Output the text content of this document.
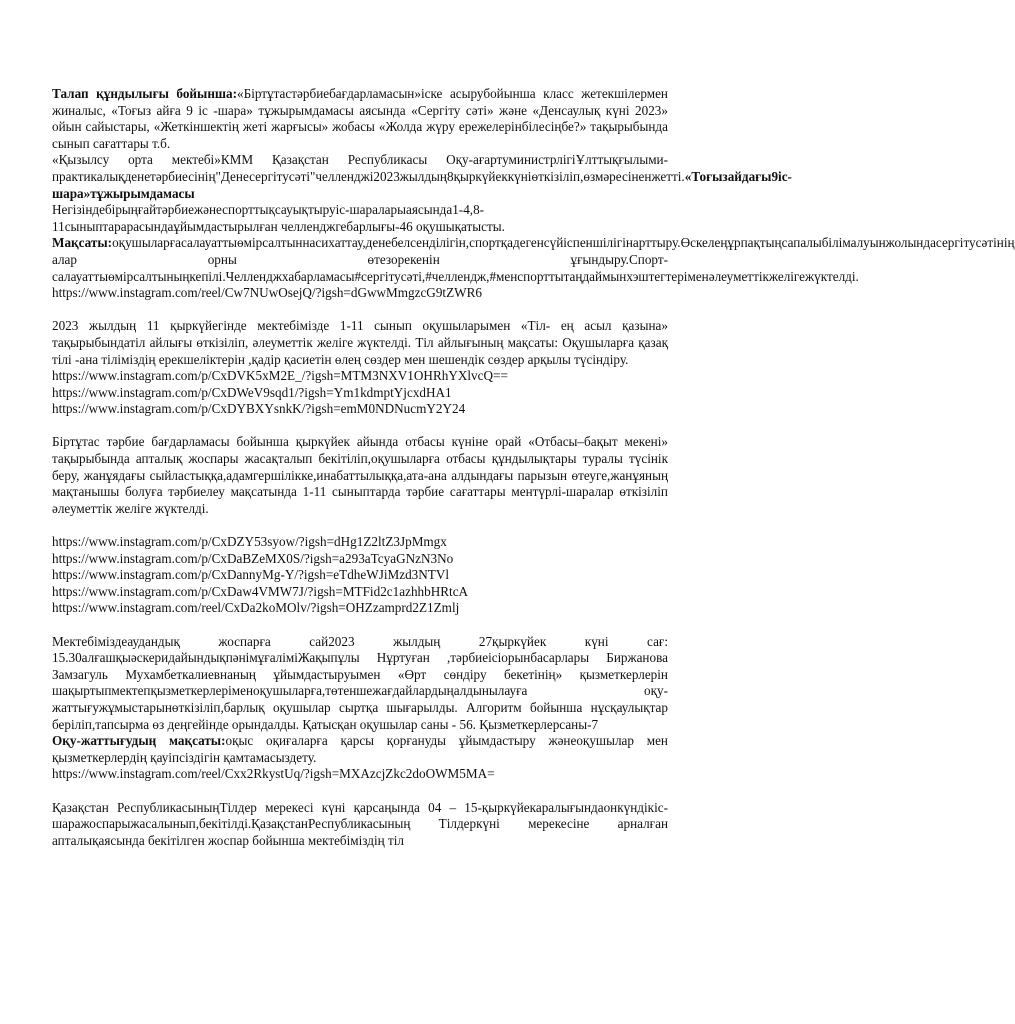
Талап құндылығы бойынша:«Біртұтастәрбиебағдарламасын»іске асырубойынша класс жетекшілермен жиналыс, «Тоғыз айға 9 іс -шара» тұжырымдамасы аясында «Сергіту сәті» және «Денсаулық күні 2023» ойын сайыстары, «Жеткіншектің жеті жарғысы» жобасы «Жолда жүру ережелерінбілесіңбе?» тақырыбында сынып сағаттары т.б.

«Қызылсу орта мектебі»КММ Қазақстан Республикасы Оқу-ағартуминистрлігіҰлттықғылыми-практикалықденетәрбиесінің"Денесергітусәті"челленджі2023жылдың8қыркүйеккүніөткізіліп,өзмәресіненжетті.«Тоғызайдағы9іс-шара»тұжырымдамасы

Негізіндебірыңғайтәрбиежәнеспорттықсауықтыруіс-шараларыаясында1-4,8-11сыныптарарасындаұйымдастырылған челленджгебарлығы-46 оқушықатысты.

Мақсаты:оқушыларғасалауаттыөмірсалтыннасихаттау,денебелсенділігін,спортқадегенсүйіспеншілігінарттыру.Өскелеңұрпақтыңсапалыбілімалуынжолындасергітусәтінің алар орны өтезорекенін ұғындыру.Спорт-салауаттыөмірсалтыныңкепілі.Челленджхабарламасы#сергітусәті,#челлендж,#менспорттытаңдаймынхэштегтеріменәлеуметтікжелігежүктелді.

https://www.instagram.com/reel/Cw7NUwOsejQ/?igsh=dGwwMmgzcG9tZWR6

2023 жылдың 11 қыркүйегінде мектебімізде 1-11 сынып оқушыларымен «Тіл- ең асыл қазына» тақырыбындатіл айлығы өткізіліп, әлеуметтік желіге жүктелді. Тіл айлығының мақсаты: Оқушыларға қазақ тілі -ана тіліміздің ерекшеліктерін ,қадір қасиетін өлең сөздер мен шешендік сөздер арқылы түсіндіру.

https://www.instagram.com/p/CxDVK5xM2E_/?igsh=MTM3NXV1OHRhYXlvcQ==
https://www.instagram.com/p/CxDWeV9sqd1/?igsh=Ym1kdmptYjcxdHA1
https://www.instagram.com/p/CxDYBXYsnkK/?igsh=emM0NDNucmY2Y24

Біртұтас тәрбие бағдарламасы бойынша қыркүйек айында отбасы күніне орай «Отбасы–бақыт мекені» тақырыбында апталық жоспары жасақталып бекітіліп,оқушыларға отбасы құндылықтары туралы түсінік беру, жанұядағы сыйластыққа,адамгершілікке,инабаттылыққа,ата-ана алдындағы парызын өтеуге,жанұяның мақтанышы болуға тәрбиелеу мақсатында 1-11 сыныптарда тәрбие сағаттары ментүрлі-шаралар өткізіліп әлеуметтік желіге жүктелді.

https://www.instagram.com/p/CxDZY53syow/?igsh=dHg1Z2ltZ3JpMmgx
https://www.instagram.com/p/CxDaBZeMX0S/?igsh=a293aTcyaGNzN3No
https://www.instagram.com/p/CxDannyMg-Y/?igsh=eTdheWJiMzd3NTVl
https://www.instagram.com/p/CxDaw4VMW7J/?igsh=MTFid2c1azhhbHRtcA
https://www.instagram.com/reel/CxDa2koMOlv/?igsh=OHZzamprd2Z1Zmlj

Мектебіміздеаудандық жоспарға сай2023 жылдың 27қыркүйек күні сағ: 15.30алғашқыәскеридайындықпәнімұғаліміЖақыпұлы Нұртуған ,тәрбиеісіорынбасарлары Биржанова Замзагуль Мухамбеткалиевнаның ұйымдастыруымен «Өрт сөндіру бекетінің» қызметкерлерін шақыртыпмектепқызметкерлеріменоқушыларға,төтеншежағдайлардыңалдынылауға оқу-жаттығужұмыстарынөткізіліп,барлық оқушылар сыртқа шығарылды. Алгоритм бойынша нұсқаулықтар беріліп,тапсырма өз деңгейінде орындалды. Қатысқан оқушылар саны - 56. Қызметкерлерсаны-7

Оқу-жаттығудың мақсаты:оқыс оқиғаларға қарсы қорғануды ұйымдастыру жәнеоқушылар мен қызметкерлердің қауіпсіздігін қамтамасыздету.

https://www.instagram.com/reel/Cxx2RkystUq/?igsh=MXAzcjZkc2doOWM5MA=

Қазақстан РеспубликасыныңТілдер мерекесі күні қарсаңында 04 – 15-қыркүйекаралығындаонкүндікіс-шаражоспарыжасалынып,бекітілді.ҚазақстанРеспубликасының Тілдеркүні мерекесіне арналған апталықаясында бекітілген жоспар бойынша мектебіміздің тіл
